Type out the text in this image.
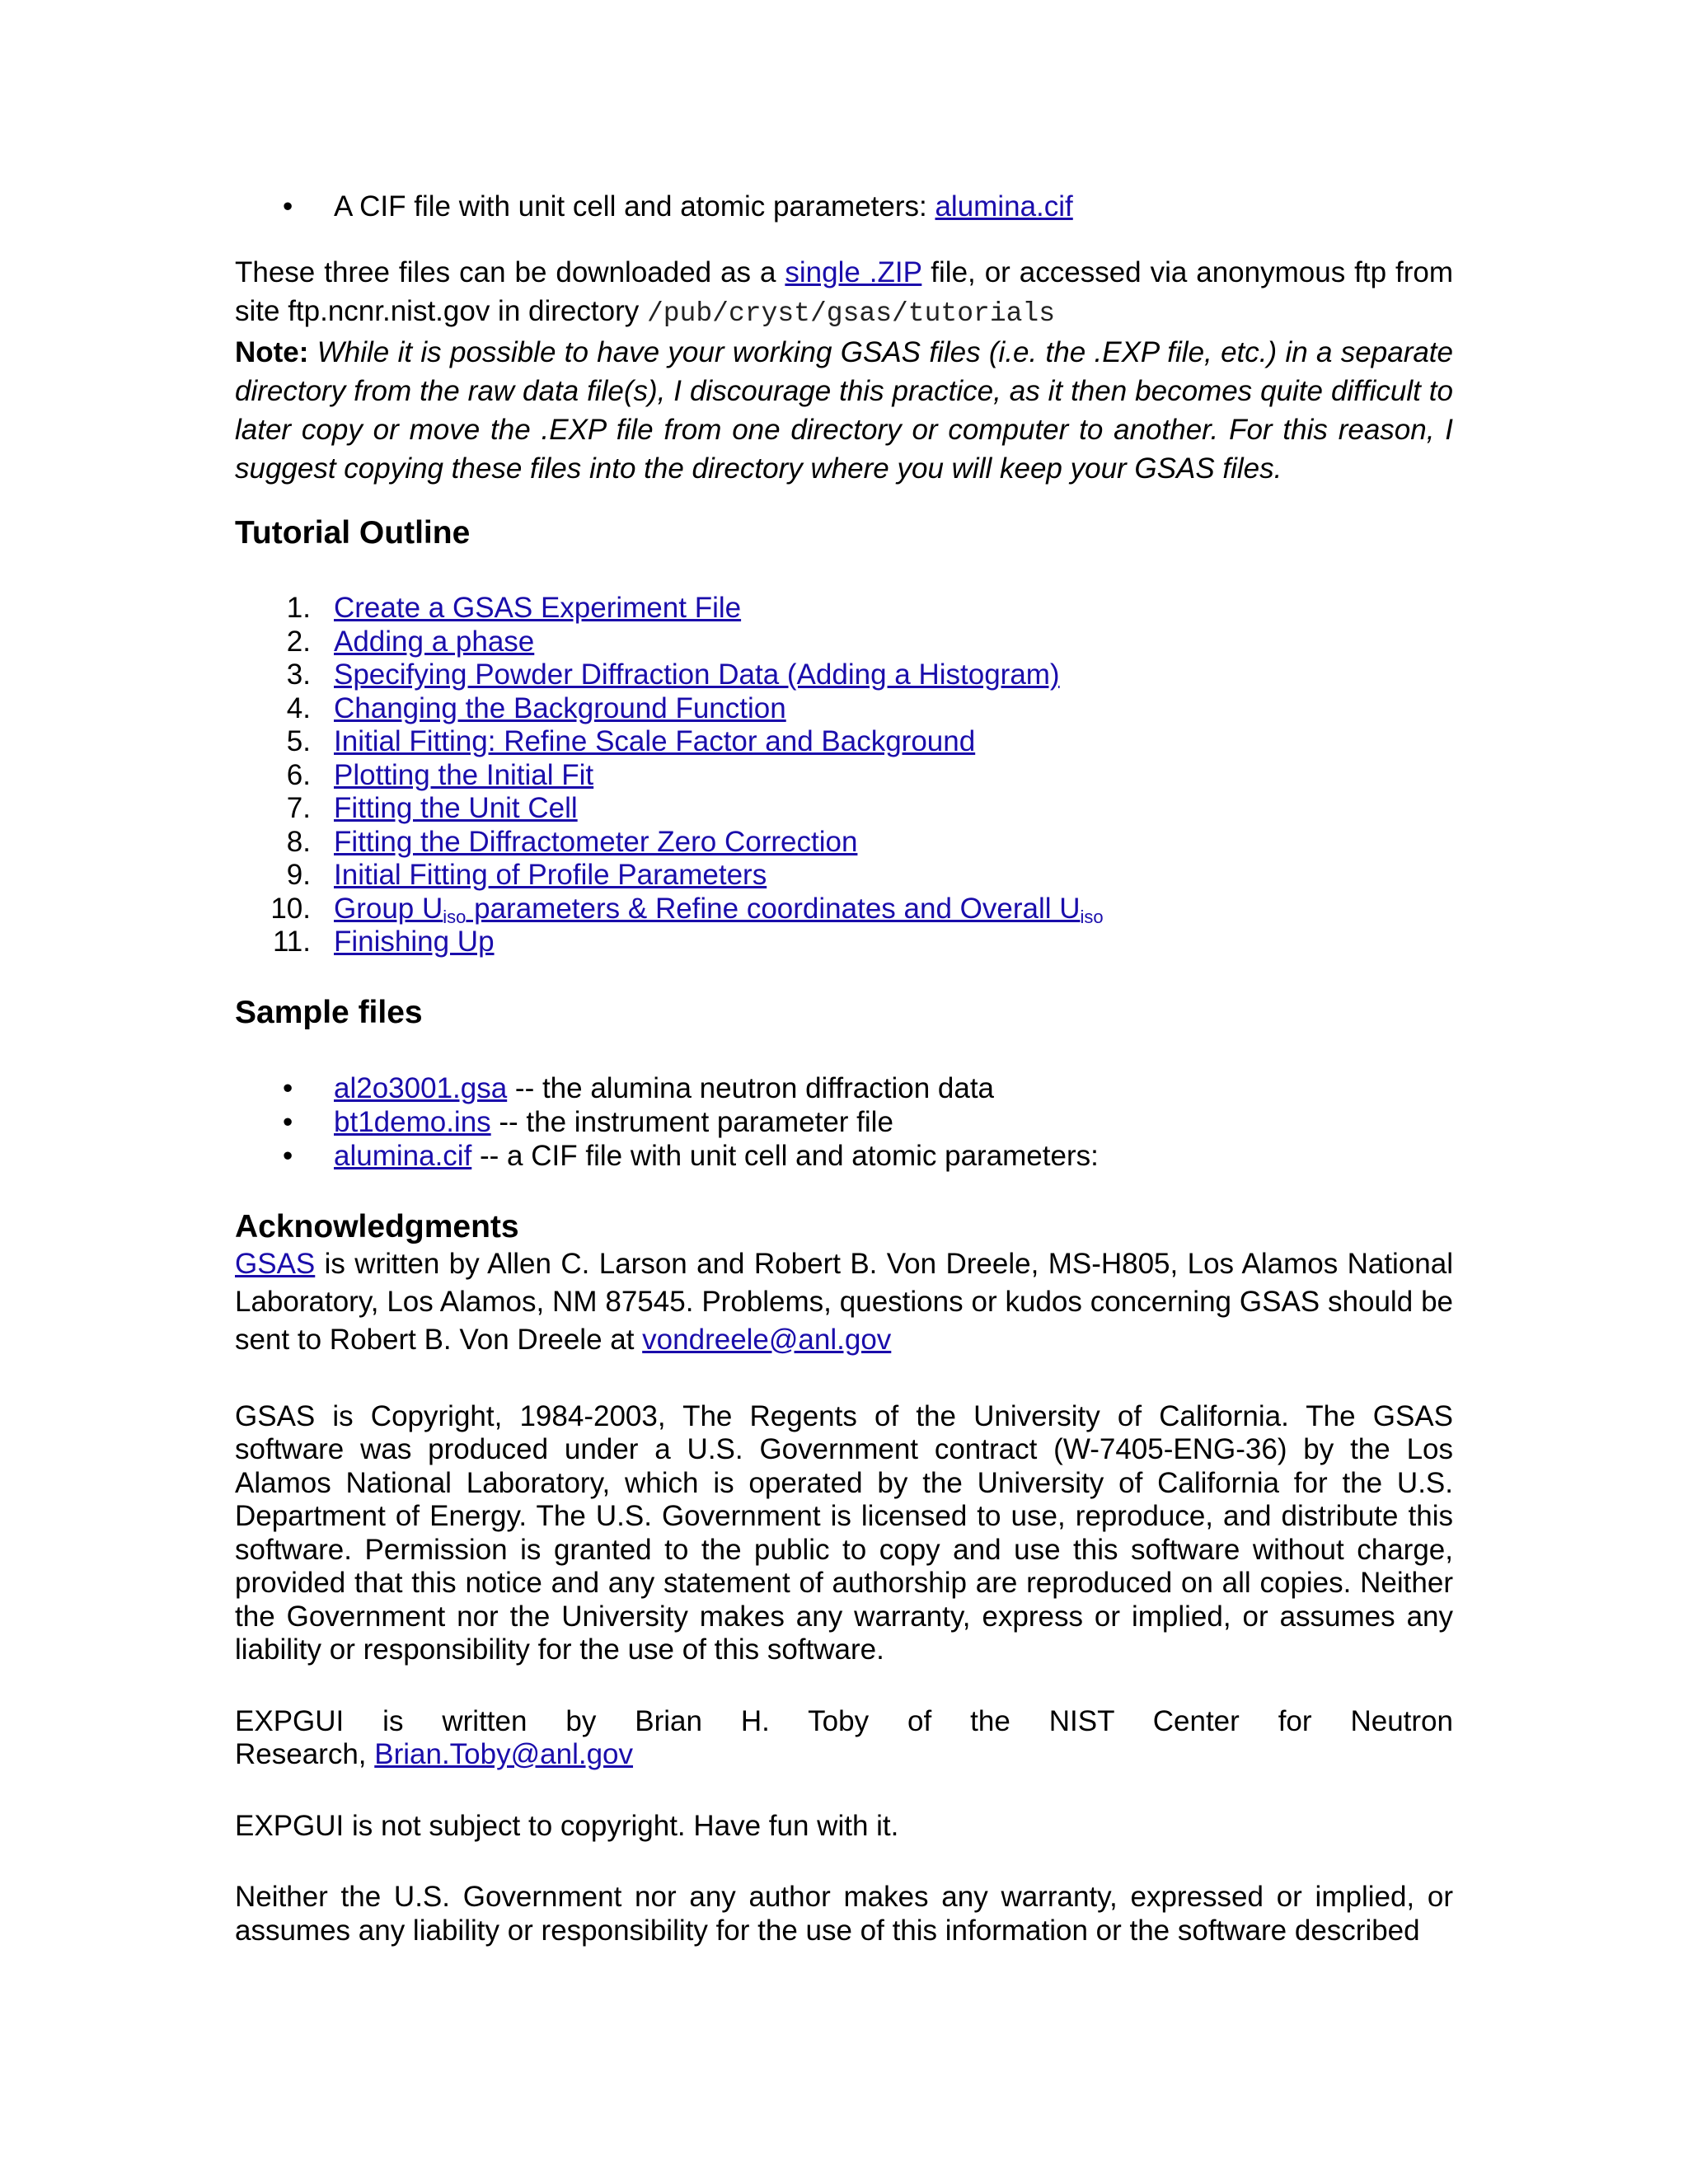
• A CIF file with unit cell and atomic parameters: alumina.cif

These three files can be downloaded as a single .ZIP file, or accessed via anonymous ftp from site ftp.ncnr.nist.gov in directory /pub/cryst/gsas/tutorials

Note: While it is possible to have your working GSAS files (i.e. the .EXP file, etc.) in a separate directory from the raw data file(s), I discourage this practice, as it then becomes quite difficult to later copy or move the .EXP file from one directory or computer to another. For this reason, I suggest copying these files into the directory where you will keep your GSAS files.

Tutorial Outline
1. Create a GSAS Experiment File
2. Adding a phase
3. Specifying Powder Diffraction Data (Adding a Histogram)
4. Changing the Background Function
5. Initial Fitting: Refine Scale Factor and Background
6. Plotting the Initial Fit
7. Fitting the Unit Cell
8. Fitting the Diffractometer Zero Correction
9. Initial Fitting of Profile Parameters
10. Group $U_{iso}$ parameters & Refine coordinates and Overall $U_{iso}$
11. Finishing Up
Sample files
• al2o3001.gsa -- the alumina neutron diffraction data
• bt1demo.ins -- the instrument parameter file
• alumina.cif -- a CIF file with unit cell and atomic parameters:
Acknowledgments

GSAS is written by Allen C. Larson and Robert B. Von Dreele, MS-H805, Los Alamos National Laboratory, Los Alamos, NM 87545. Problems, questions or kudos concerning GSAS should be sent to Robert B. Von Dreele at vondreele@anl.gov

GSAS is Copyright, 1984-2003, The Regents of the University of California. The GSAS software was produced under a U.S. Government contract (W-7405-ENG-36) by the Los Alamos National Laboratory, which is operated by the University of California for the U.S. Department of Energy. The U.S. Government is licensed to use, reproduce, and distribute this software. Permission is granted to the public to copy and use this software without charge, provided that this notice and any statement of authorship are reproduced on all copies. Neither the Government nor the University makes any warranty, express or implied, or assumes any liability or responsibility for the use of this software.

EXPGUI is written by Brian H. Toby of the NIST Center for Neutron

Research, Brian.Toby@anl.gov

EXPGUI is not subject to copyright. Have fun with it.

Neither the U.S. Government nor any author makes any warranty, expressed or implied, or assumes any liability or responsibility for the use of this information or the software described
